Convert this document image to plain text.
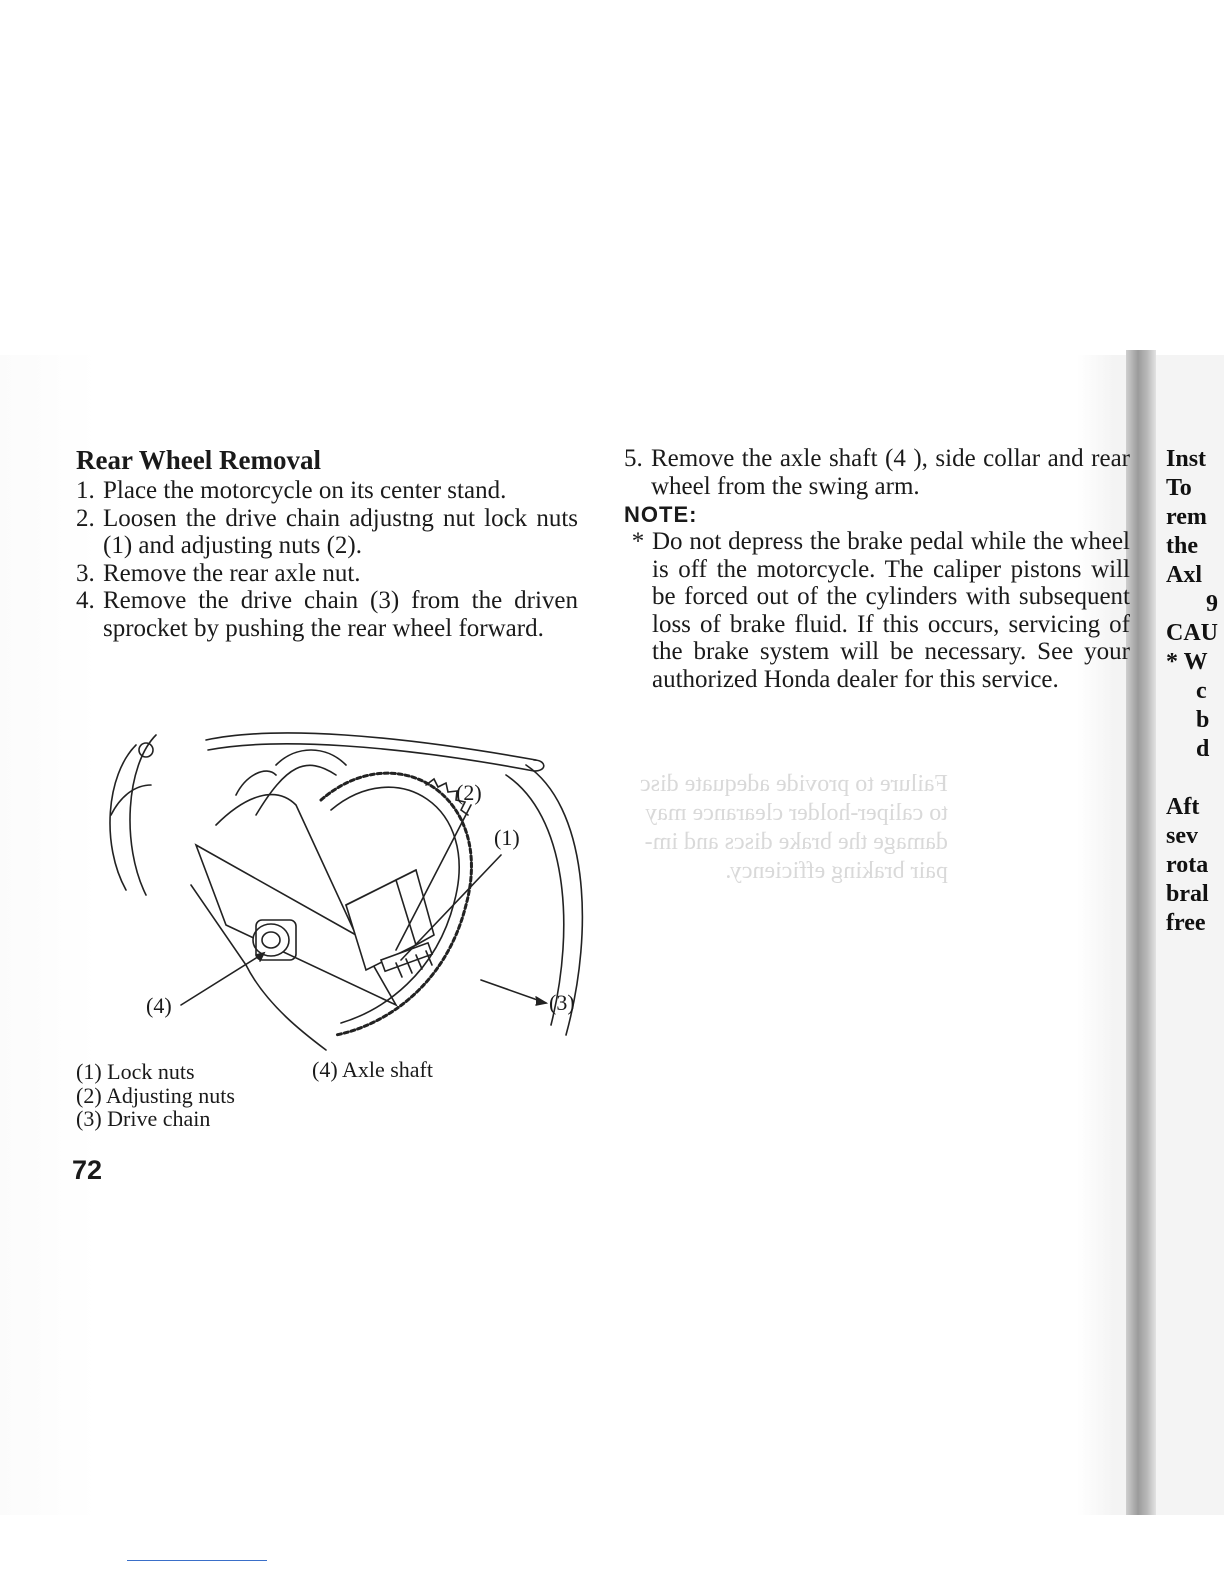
Failure to provide adequate disc
to caliper-holder clearance may
damage the brake discs and im-
pair braking efficiency.
Rear Wheel Removal
1. Place the motorcycle on its center stand.
2. Loosen the drive chain adjustng nut lock nuts (1) and adjusting nuts (2).
3. Remove the rear axle nut.
4. Remove the drive chain (3) from the driven sprocket by pushing the rear wheel forward.
5. Remove the axle shaft (4 ), side collar and rear wheel from the swing arm.
NOTE:
* Do not depress the brake pedal while the wheel is off the motorcycle. The caliper pistons will be forced out of the cylinders with subsequent loss of brake fluid. If this occurs, servicing of the brake system will be necessary. See your authorized Honda dealer for this service.
(2)
(1)
(3)
(4)
(1) Lock nuts
(2) Adjusting nuts
(3) Drive chain
(4) Axle shaft
72
Inst
To
rem
the
Axl
9
CAU
* W
c
b
d

Aft
sev
rota
bral
free
